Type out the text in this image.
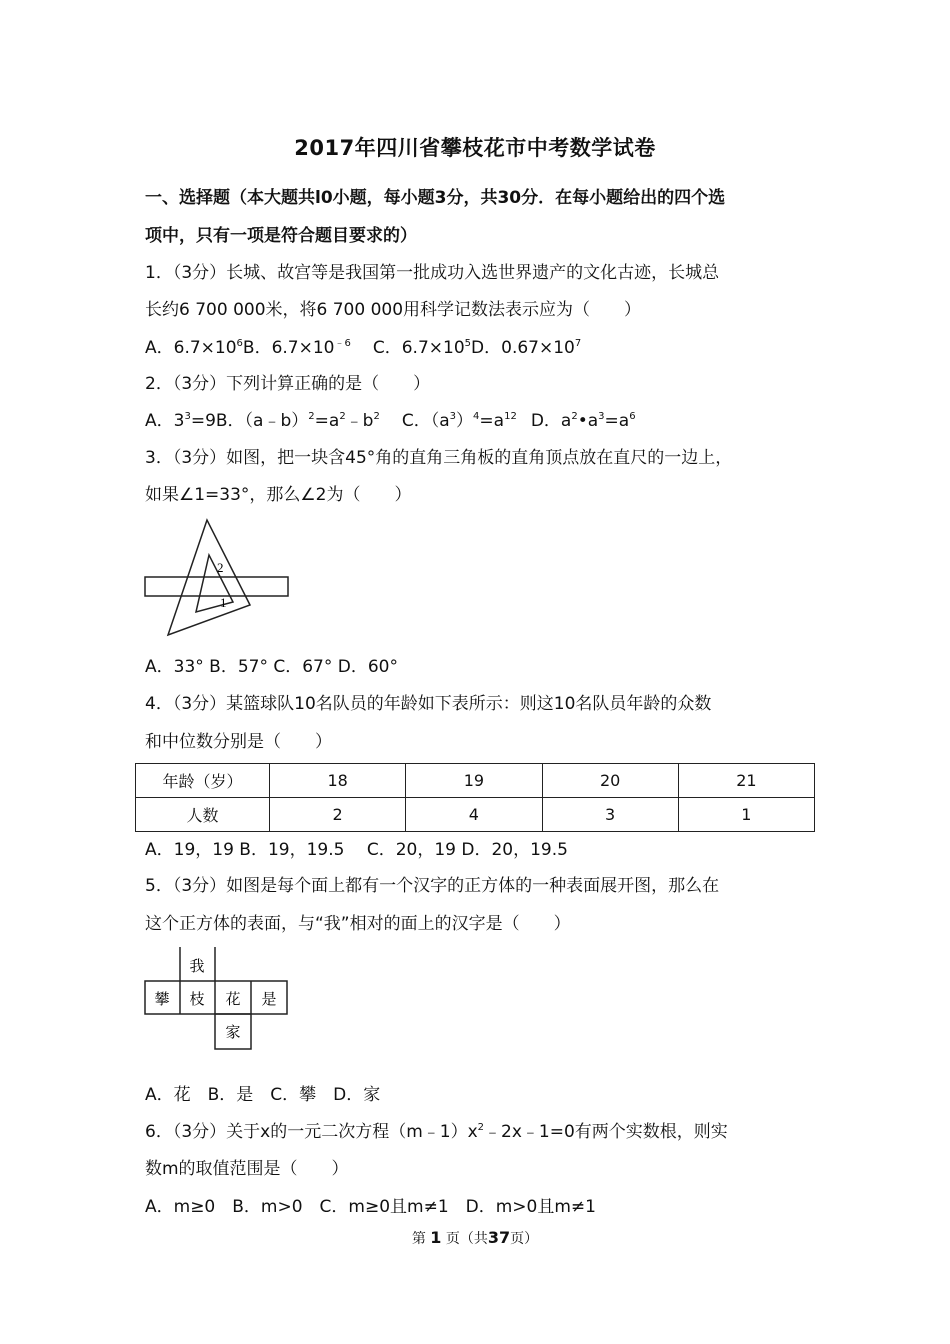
2017年四川省攀枝花市中考数学试卷
一、选择题（本大题共l0小题，每小题3分，共30分．在每小题给出的四个选
项中，只有一项是符合题目要求的）
1．（3分）长城、故宫等是我国第一批成功入选世界遗产的文化古迹，长城总
长约6 700 000米，将6 700 000用科学记数法表示应为（　　）
A．$6.7\times 10^6B$．$6.7\times 10^{﹣6}$ C．$6.7\times 10^5D$．$0.67\times 10^7$
2．（3分）下列计算正确的是（　　）
A．$3^3=9B$．$(a﹣b)^2=a^2﹣b^2$ C．$(a^3)^4=a^{12}$ D．$a^2•a^3=a^6$
3．（3分）如图，把一块含45°角的直角三角板的直角顶点放在直尺的一边上，
如果∠1=33°，那么∠2为（　　）
2
1
A．33° B．57° C．67° D．60°
4．（3分）某篮球队10名队员的年龄如下表所示：则这10名队员年龄的众数
和中位数分别是（　　）
年龄（岁）	18	19	20	21
人数	2	4	3	1
A．19，19 B．19，19.5　 C．20，19 D．20，19.5
5．（3分）如图是每个面上都有一个汉字的正方体的一种表面展开图，那么在
这个正方体的表面，与“我”相对的面上的汉字是（　　）
我
攀 枝 花 是
家
A．花　B．是　C．攀　D．家
6．（3分）关于x的一元二次方程$(m﹣1)x^2﹣2x﹣1=0$有两个实数根，则实
数m的取值范围是（　　）
A．m≥0　B．m>0　C．m≥0且m≠1　D．m>0且m≠1
第 1 页（共37页）
